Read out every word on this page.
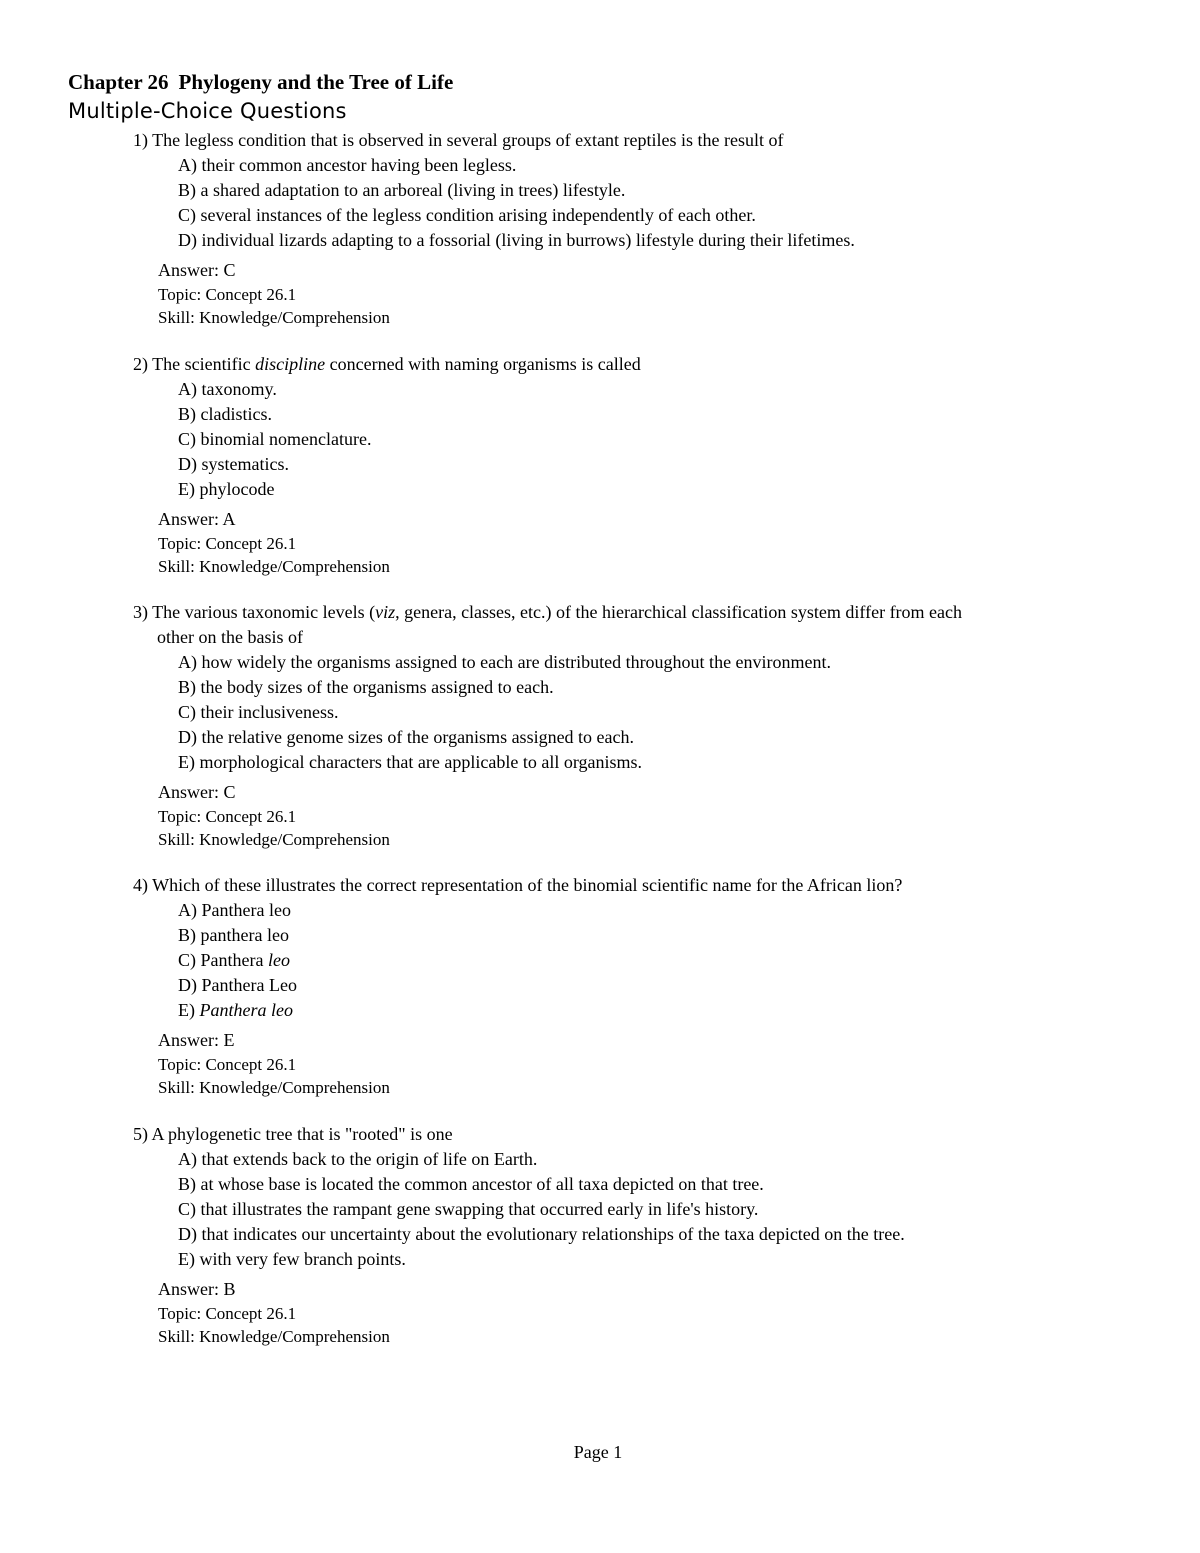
Chapter 26 Phylogeny and the Tree of Life
Multiple-Choice Questions
1) The legless condition that is observed in several groups of extant reptiles is the result of
A) their common ancestor having been legless.
B) a shared adaptation to an arboreal (living in trees) lifestyle.
C) several instances of the legless condition arising independently of each other.
D) individual lizards adapting to a fossorial (living in burrows) lifestyle during their lifetimes.
Answer: C
Topic: Concept 26.1
Skill: Knowledge/Comprehension
2) The scientific discipline concerned with naming organisms is called
A) taxonomy.
B) cladistics.
C) binomial nomenclature.
D) systematics.
E) phylocode
Answer: A
Topic: Concept 26.1
Skill: Knowledge/Comprehension
3) The various taxonomic levels (viz, genera, classes, etc.) of the hierarchical classification system differ from each
other on the basis of
A) how widely the organisms assigned to each are distributed throughout the environment.
B) the body sizes of the organisms assigned to each.
C) their inclusiveness.
D) the relative genome sizes of the organisms assigned to each.
E) morphological characters that are applicable to all organisms.
Answer: C
Topic: Concept 26.1
Skill: Knowledge/Comprehension
4) Which of these illustrates the correct representation of the binomial scientific name for the African lion?
A) Panthera leo
B) panthera leo
C) Panthera leo
D) Panthera Leo
E) Panthera leo
Answer: E
Topic: Concept 26.1
Skill: Knowledge/Comprehension
5) A phylogenetic tree that is "rooted" is one
A) that extends back to the origin of life on Earth.
B) at whose base is located the common ancestor of all taxa depicted on that tree.
C) that illustrates the rampant gene swapping that occurred early in life's history.
D) that indicates our uncertainty about the evolutionary relationships of the taxa depicted on the tree.
E) with very few branch points.
Answer: B
Topic: Concept 26.1
Skill: Knowledge/Comprehension
Page 1
